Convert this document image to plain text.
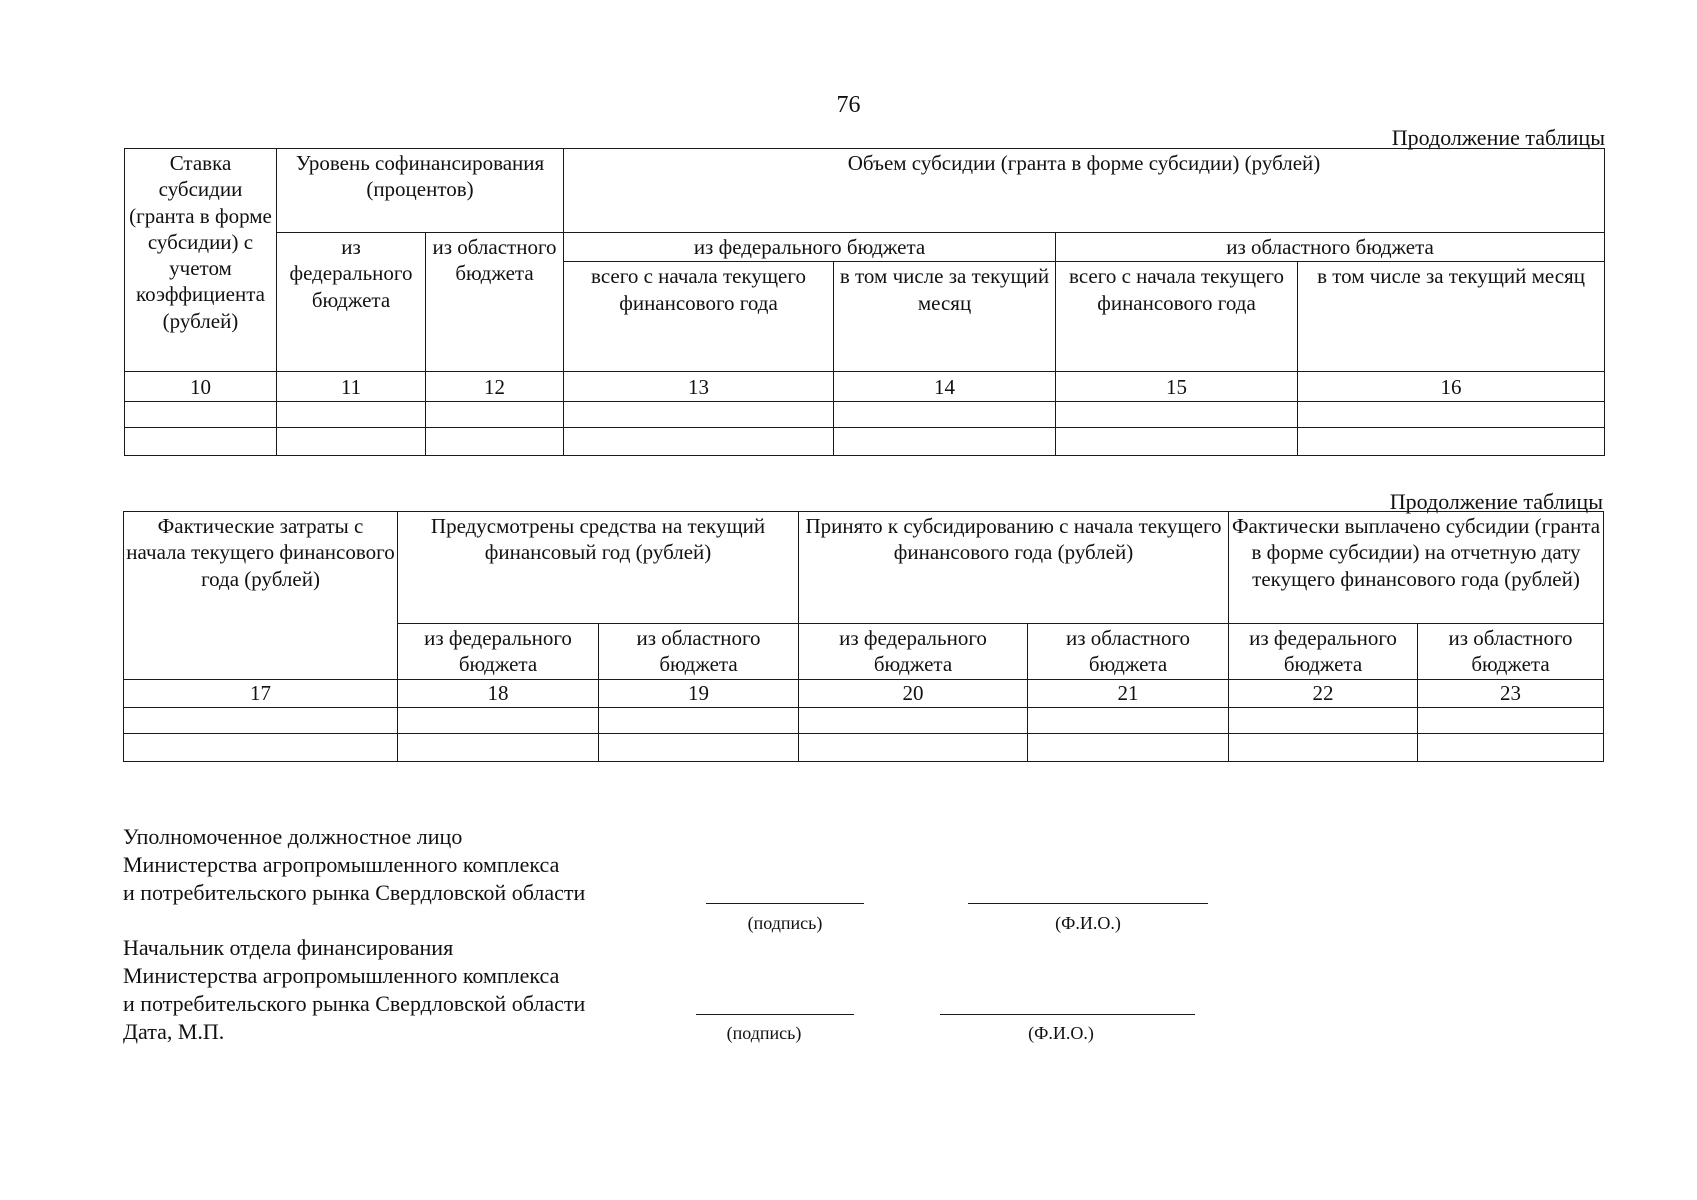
76
Продолжение таблицы
Ставка субсидии (гранта в форме субсидии) с учетом коэффициента (рублей)	Уровень софинансирования (процентов)		Объем субсидии (гранта в форме субсидии) (рублей)			
	из федерального бюджета	из областного бюджета	из федерального бюджета		из областного бюджета	
			всего с начала текущего финансового года	в том числе за текущий месяц	всего с начала текущего финансового года	в том числе за текущий месяц
10	11	12	13	14	15	16

Продолжение таблицы
Фактические затраты с начала текущего финансового года (рублей)	Предусмотрены средства на текущий финансовый год (рублей)		Принято к субсидированию с начала текущего финансового года (рублей)		Фактически выплачено субсидии (гранта в форме субсидии) на отчетную дату текущего финансового года (рублей)	
	из федерального бюджета	из областного бюджета	из федерального бюджета	из областного бюджета	из федерального бюджета	из областного бюджета
17	18	19	20	21	22	23

Уполномоченное должностное лицо
Министерства агропромышленного комплекса
и потребительского рынка Свердловской области
(подпись)	(Ф.И.О.)
Начальник отдела финансирования
Министерства агропромышленного комплекса
и потребительского рынка Свердловской области
Дата, М.П.	(подпись)	(Ф.И.О.)
